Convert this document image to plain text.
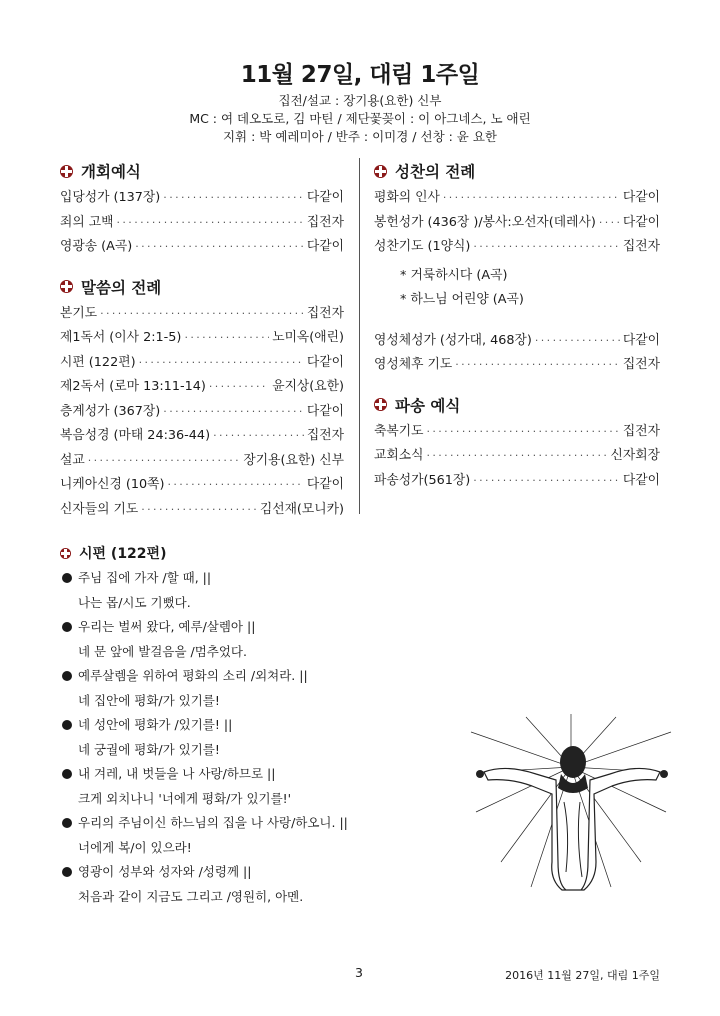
11월 27일, 대림 1주일
집전/설교 : 장기용(요한) 신부
MC : 여 데오도로, 김 마틴 / 제단꽃꽂이 : 이 아그네스, 노 애린
지휘 : 박 예레미아 / 반주 : 이미경 / 선창 : 윤 요한
개회예식
입당성가 (137장) ·····	다같이
죄의 고백 ·····	집전자
영광송 (A곡) ·····	다같이
말씀의 전례
본기도 ·····	집전자
제1독서 (이사 2:1-5) ·····	노미옥(애린)
시편 (122편) ·····	다같이
제2독서 (로마 13:11-14) ·····	윤지상(요한)
층계성가 (367장) ·····	다같이
복음성경 (마태 24:36-44) ·····	집전자
설교 ·····	장기용(요한) 신부
니케아신경 (10쪽) ·····	다같이
신자들의 기도 ·····	김선재(모니카)
성찬의 전례
평화의 인사 ·····	다같이
봉헌성가 (436장 )/봉사:오선자(데레사) ····· 다같이
성찬기도 (1양식) ·····	집전자
* 거룩하시다 (A곡)
* 하느님 어린양 (A곡)
영성체성가 (성가대, 468장) ·····	다같이
영성체후 기도 ·····	집전자
파송 예식
축복기도 ·····	집전자
교회소식 ·····	신자회장
파송성가(561장) ·····	다같이
시편 (122편)
주님 집에 가자 /할 때, ||
나는 몹/시도 기뻤다.
우리는 벌써 왔다, 예루/살렘아 ||
네 문 앞에 발걸음을 /멈추었다.
예루살렘을 위하여 평화의 소리 /외쳐라. ||
네 집안에 평화/가 있기를!
네 성안에 평화가 /있기를! ||
네 궁궐에 평화/가 있기를!
내 겨레, 내 벗들을 나 사랑/하므로 ||
크게 외치나니 '너에게 평화/가 있기를!'
우리의 주님이신 하느님의 집을 나 사랑/하오니. ||
너에게 복/이 있으라!
영광이 성부와 성자와 /성령께 ||
처음과 같이 지금도 그리고 /영원히, 아멘.
3	2016년 11월 27일, 대림 1주일
